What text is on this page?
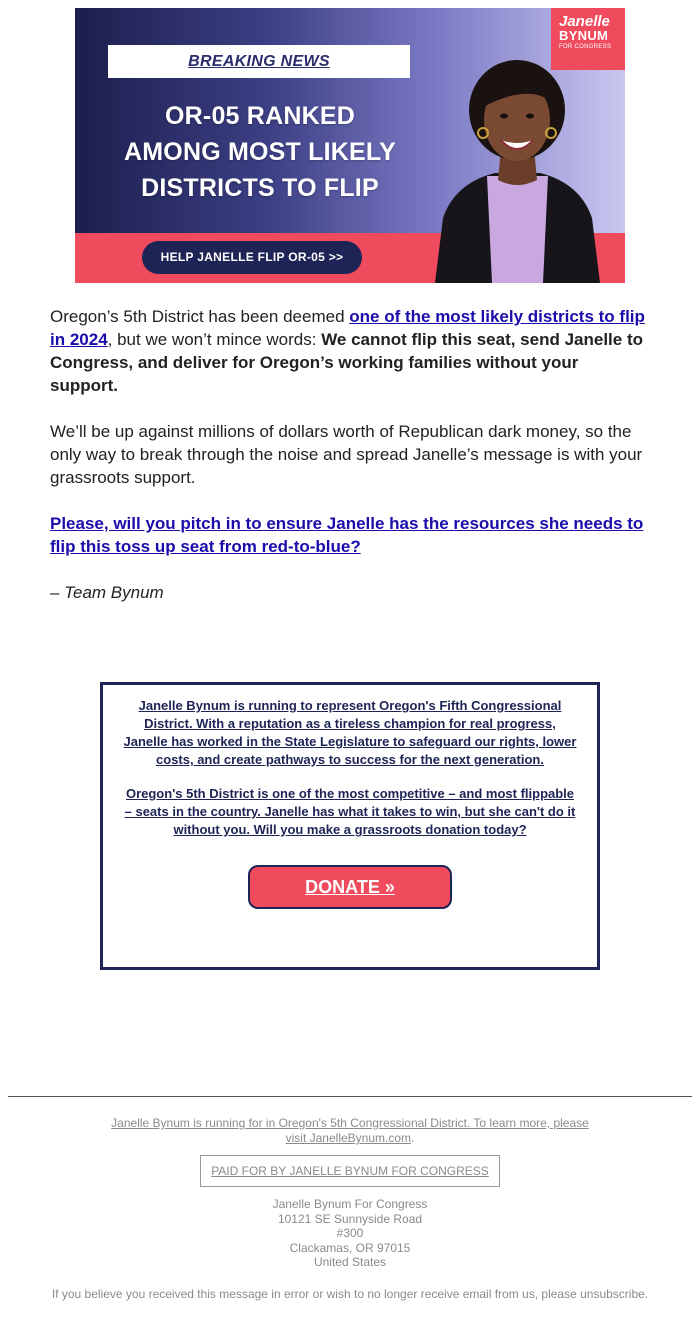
BREAKING NEWS
OR-05 RANKED
AMONG MOST LIKELY
DISTRICTS TO FLIP
HELP JANELLE FLIP OR-05 >>
Janelle
BYNUM
FOR CONGRESS
Oregon’s 5th District has been deemed one of the most likely districts to flip in 2024, but we won’t mince words: We cannot flip this seat, send Janelle to Congress, and deliver for Oregon’s working families without your support.
We’ll be up against millions of dollars worth of Republican dark money, so the only way to break through the noise and spread Janelle’s message is with your grassroots support.
Please, will you pitch in to ensure Janelle has the resources she needs to flip this toss up seat from red-to-blue?
– Team Bynum

Janelle Bynum is running to represent Oregon's Fifth Congressional District. With a reputation as a tireless champion for real progress, Janelle has worked in the State Legislature to safeguard our rights, lower costs, and create pathways to success for the next generation.

Oregon's 5th District is one of the most competitive – and most flippable – seats in the country. Janelle has what it takes to win, but she can't do it without you. Will you make a grassroots donation today?

DONATE »
Janelle Bynum is running for in Oregon's 5th Congressional District. To learn more, please visit JanelleBynum.com.
PAID FOR BY JANELLE BYNUM FOR CONGRESS
Janelle Bynum For Congress
10121 SE Sunnyside Road
#300
Clackamas, OR 97015
United States
If you believe you received this message in error or wish to no longer receive email from us, please unsubscribe.
